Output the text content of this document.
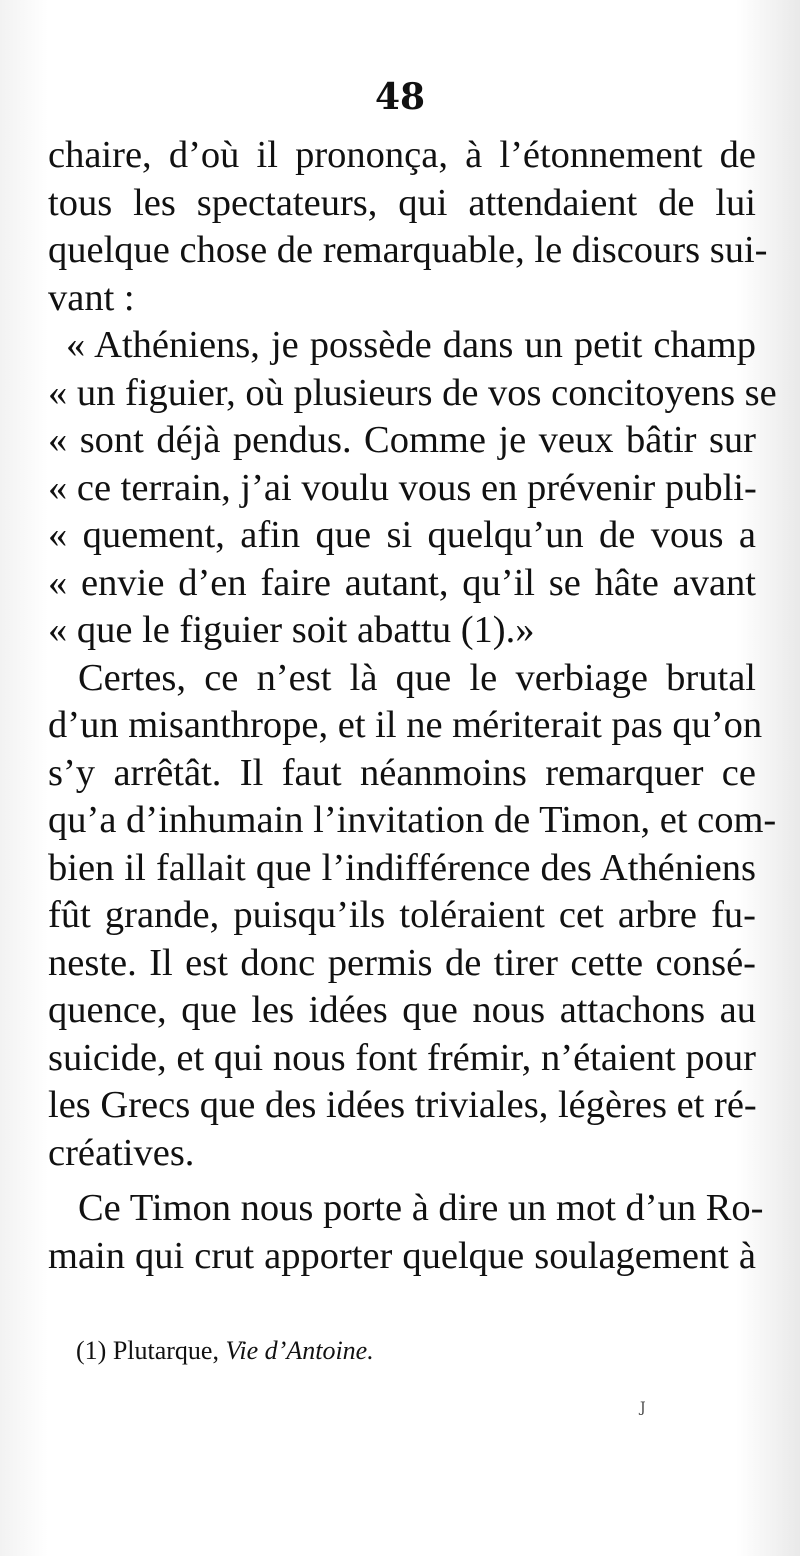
48
chaire, d’où il prononça, à l’étonnement de
tous les spectateurs, qui attendaient de lui
quelque chose de remarquable, le discours sui-
vant :
« Athéniens, je possède dans un petit champ
« un figuier, où plusieurs de vos concitoyens se
« sont déjà pendus. Comme je veux bâtir sur
« ce terrain, j’ai voulu vous en prévenir publi-
« quement, afin que si quelqu’un de vous a
« envie d’en faire autant, qu’il se hâte avant
« que le figuier soit abattu (1).»
Certes, ce n’est là que le verbiage brutal
d’un misanthrope, et il ne mériterait pas qu’on
s’y arrêtât. Il faut néanmoins remarquer ce
qu’a d’inhumain l’invitation de Timon, et com-
bien il fallait que l’indifférence des Athéniens
fût grande, puisqu’ils toléraient cet arbre fu-
neste. Il est donc permis de tirer cette consé-
quence, que les idées que nous attachons au
suicide, et qui nous font frémir, n’étaient pour
les Grecs que des idées triviales, légères et ré-
créatives.
Ce Timon nous porte à dire un mot d’un Ro-
main qui crut apporter quelque soulagement à
(1) Plutarque, Vie d’Antoine.
J
